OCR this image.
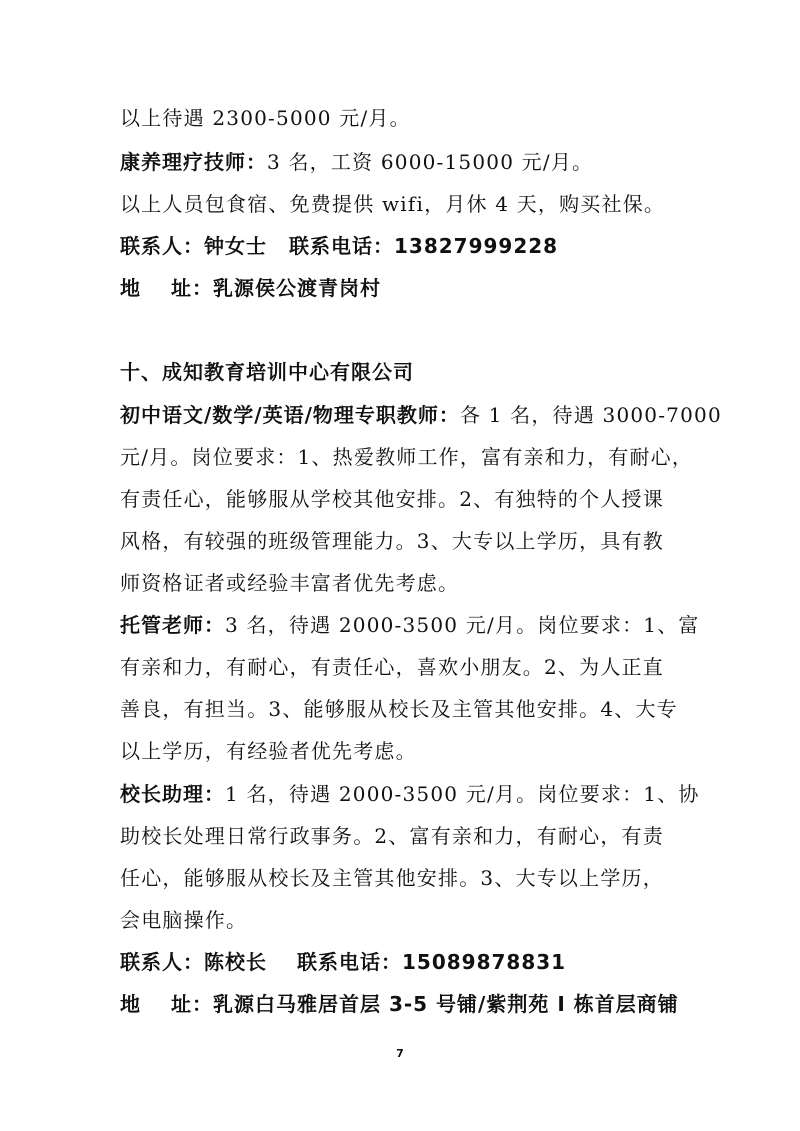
以上待遇 2300-5000 元/月。
康养理疗技师：3 名，工资 6000-15000 元/月。
以上人员包食宿、免费提供 wifi，月休 4 天，购买社保。
联系人：钟女士 联系电话：13827999228
地 址：乳源侯公渡青岗村
十、成知教育培训中心有限公司
初中语文/数学/英语/物理专职教师：各 1 名，待遇 3000-7000
元/月。岗位要求：1、热爱教师工作，富有亲和力，有耐心，
有责任心，能够服从学校其他安排。2、有独特的个人授课
风格，有较强的班级管理能力。3、大专以上学历，具有教
师资格证者或经验丰富者优先考虑。
托管老师：3 名，待遇 2000-3500 元/月。岗位要求：1、富
有亲和力，有耐心，有责任心，喜欢小朋友。2、为人正直
善良，有担当。3、能够服从校长及主管其他安排。4、大专
以上学历，有经验者优先考虑。
校长助理：1 名，待遇 2000-3500 元/月。岗位要求：1、协
助校长处理日常行政事务。2、富有亲和力，有耐心，有责
任心，能够服从校长及主管其他安排。3、大专以上学历，
会电脑操作。
联系人：陈校长 联系电话：15089878831
地 址：乳源白马雅居首层 3-5 号铺/紫荆苑 I 栋首层商铺
7
